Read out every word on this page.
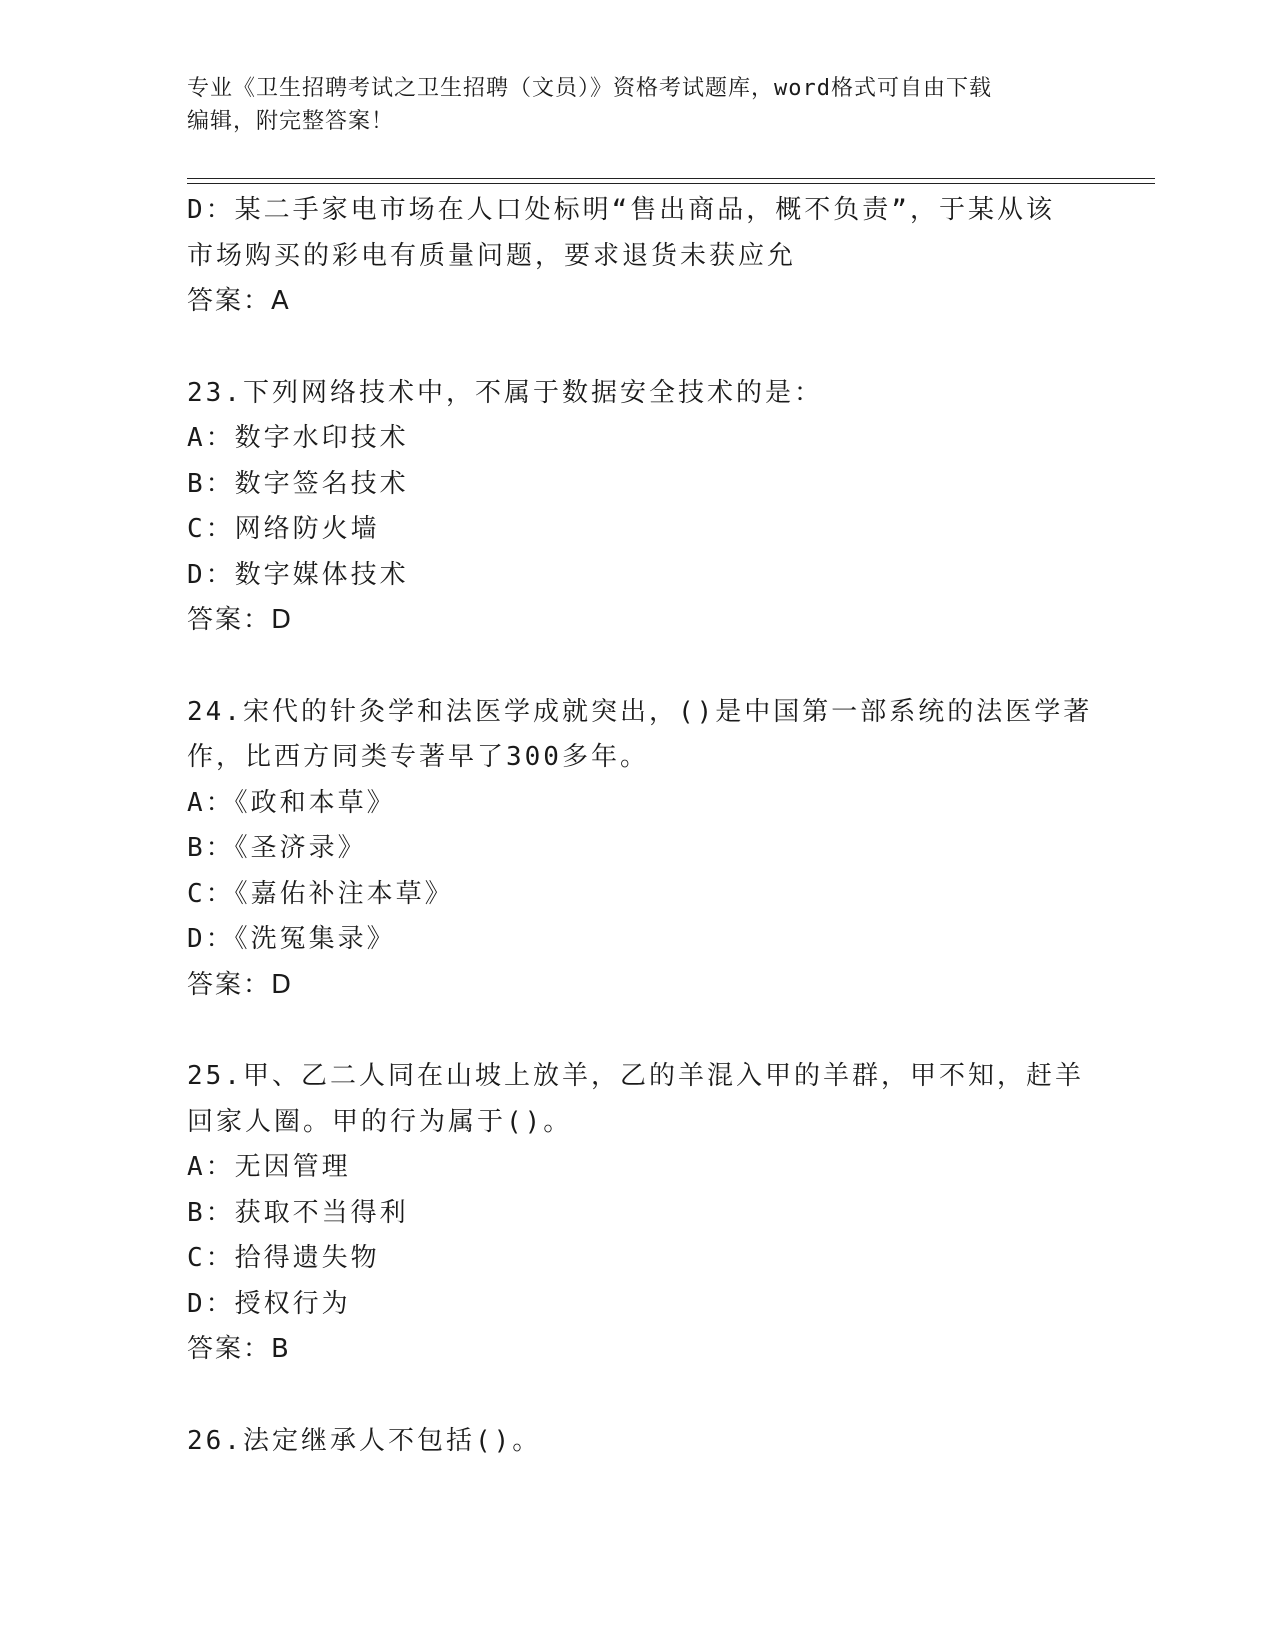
专业《卫生招聘考试之卫生招聘（文员）》资格考试题库，word格式可自由下载
编辑，附完整答案！
D：某二手家电市场在人口处标明“售出商品，概不负责”，于某从该
市场购买的彩电有质量问题，要求退货未获应允
答案：A
23.下列网络技术中，不属于数据安全技术的是：
A：数字水印技术
B：数字签名技术
C：网络防火墙
D：数字媒体技术
答案：D
24.宋代的针灸学和法医学成就突出，()是中国第一部系统的法医学著
作，比西方同类专著早了300多年。
A：《政和本草》
B：《圣济录》
C：《嘉佑补注本草》
D：《洗冤集录》
答案：D
25.甲、乙二人同在山坡上放羊，乙的羊混入甲的羊群，甲不知，赶羊
回家人圈。甲的行为属于()。
A：无因管理
B：获取不当得利
C：拾得遗失物
D：授权行为
答案：B
26.法定继承人不包括()。
